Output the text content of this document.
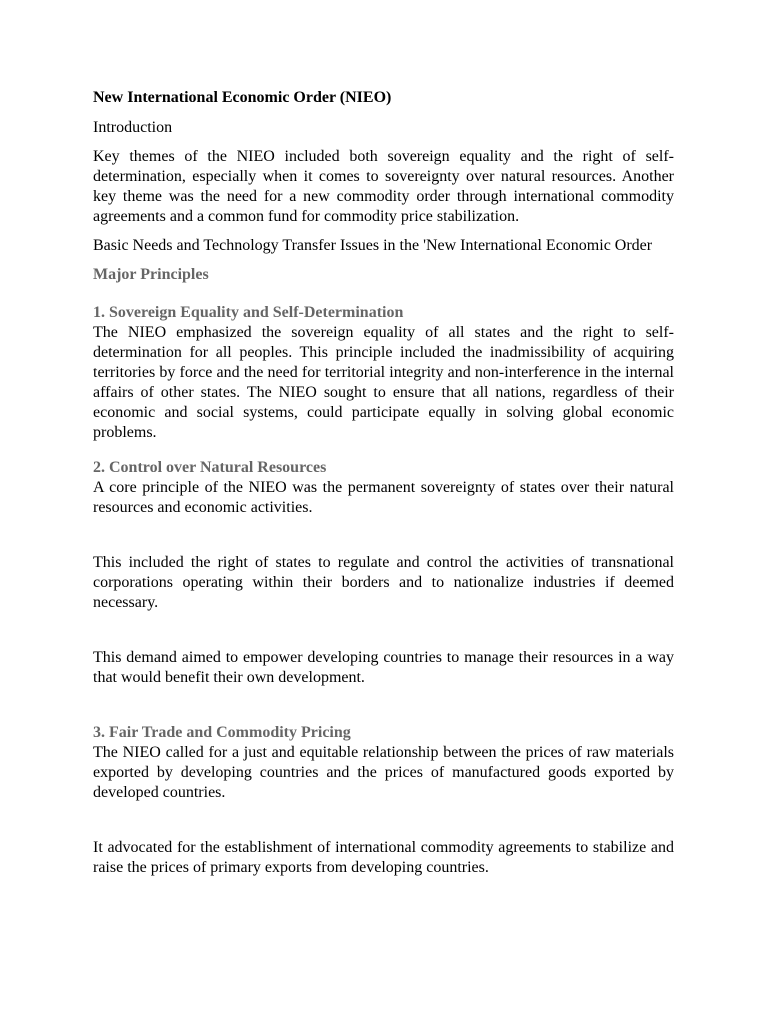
New International Economic Order (NIEO)

Introduction

Key themes of the NIEO included both sovereign equality and the right of self-determination, especially when it comes to sovereignty over natural resources. Another key theme was the need for a new commodity order through international commodity agreements and a common fund for commodity price stabilization.

Basic Needs and Technology Transfer Issues in the 'New International Economic Order

Major Principles

1. Sovereign Equality and Self-Determination

The NIEO emphasized the sovereign equality of all states and the right to self-determination for all peoples. This principle included the inadmissibility of acquiring territories by force and the need for territorial integrity and non-interference in the internal affairs of other states. The NIEO sought to ensure that all nations, regardless of their economic and social systems, could participate equally in solving global economic problems.

2. Control over Natural Resources

A core principle of the NIEO was the permanent sovereignty of states over their natural resources and economic activities.

This included the right of states to regulate and control the activities of transnational corporations operating within their borders and to nationalize industries if deemed necessary.

This demand aimed to empower developing countries to manage their resources in a way that would benefit their own development.

3. Fair Trade and Commodity Pricing

The NIEO called for a just and equitable relationship between the prices of raw materials exported by developing countries and the prices of manufactured goods exported by developed countries.

It advocated for the establishment of international commodity agreements to stabilize and raise the prices of primary exports from developing countries.
